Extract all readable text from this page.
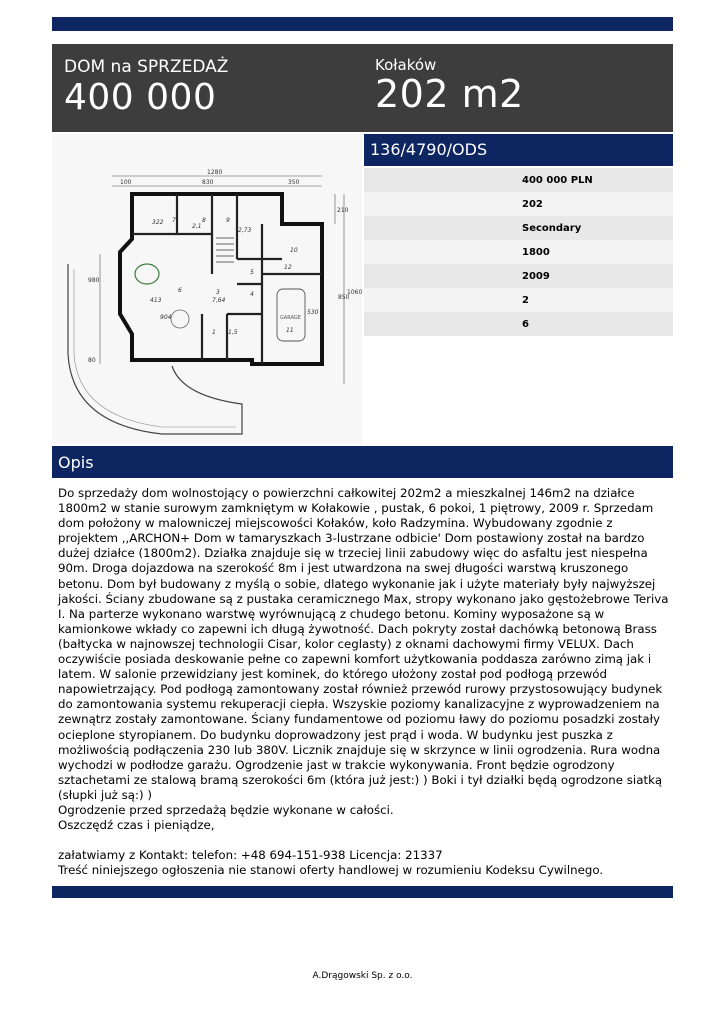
DOM na SPRZEDAŻ
400 000
Kołaków
202 m2
1280
100	830	350
210
980
1060
850
80
GARAGE
322 7	8	9
10
12
2,73
2,1
6
5
4
3
1
413	7,64
1,5
904
11
530
136/4790/ODS
400 000 PLN
202
Secondary
1800
2009
2
6
Opis
Do sprzedaży dom wolnostojący o powierzchni całkowitej 202m2 a mieszkalnej 146m2 na działce 1800m2 w stanie surowym zamkniętym w Kołakowie , pustak, 6 pokoi, 1 piętrowy, 2009 r. Sprzedam dom położony w malowniczej miejscowości Kołaków, koło Radzymina. Wybudowany zgodnie z projektem ,,ARCHON+ Dom w tamaryszkach 3-lustrzane odbicie' Dom postawiony został na bardzo dużej działce (1800m2). Działka znajduje się w trzeciej linii zabudowy więc do asfaltu jest niespełna 90m. Droga dojazdowa na szerokość 8m i jest utwardzona na swej długości warstwą kruszonego betonu. Dom był budowany z myślą o sobie, dlatego wykonanie jak i użyte materiały były najwyższej jakości. Ściany zbudowane są z pustaka ceramicznego Max, stropy wykonano jako gęstożebrowe Teriva I. Na parterze wykonano warstwę wyrównującą z chudego betonu. Kominy wyposażone są w kamionkowe wkłady co zapewni ich długą żywotność. Dach pokryty został dachówką betonową Brass (bałtycka w najnowszej technologii Cisar, kolor ceglasty) z oknami dachowymi firmy VELUX. Dach oczywiście posiada deskowanie pełne co zapewni komfort użytkowania poddasza zarówno zimą jak i latem. W salonie przewidziany jest kominek, do którego ułożony został pod podłogą przewód napowietrzający. Pod podłogą zamontowany został również przewód rurowy przystosowujący budynek do zamontowania systemu rekuperacji ciepła. Wszyskie poziomy kanalizacyjne z wyprowadzeniem na zewnątrz zostały zamontowane. Ściany fundamentowe od poziomu ławy do poziomu posadzki zostały ocieplone styropianem. Do budynku doprowadzony jest prąd i woda. W budynku jest puszka z możliwością podłączenia 230 lub 380V. Licznik znajduje się w skrzynce w linii ogrodzenia. Rura wodna wychodzi w podłodze garażu. Ogrodzenie jast w trakcie wykonywania. Front będzie ogrodzony sztachetami ze stalową bramą szerokości 6m (która już jest:) ) Boki i tył działki będą ogrodzone siatką (słupki już są:) )
Ogrodzenie przed sprzedażą będzie wykonane w całości.
Oszczędź czas i pieniądze,

załatwiamy z Kontakt: telefon: +48 694-151-938 Licencja: 21337
Treść niniejszego ogłoszenia nie stanowi oferty handlowej w rozumieniu Kodeksu Cywilnego.
A.Drągowski Sp. z o.o.
